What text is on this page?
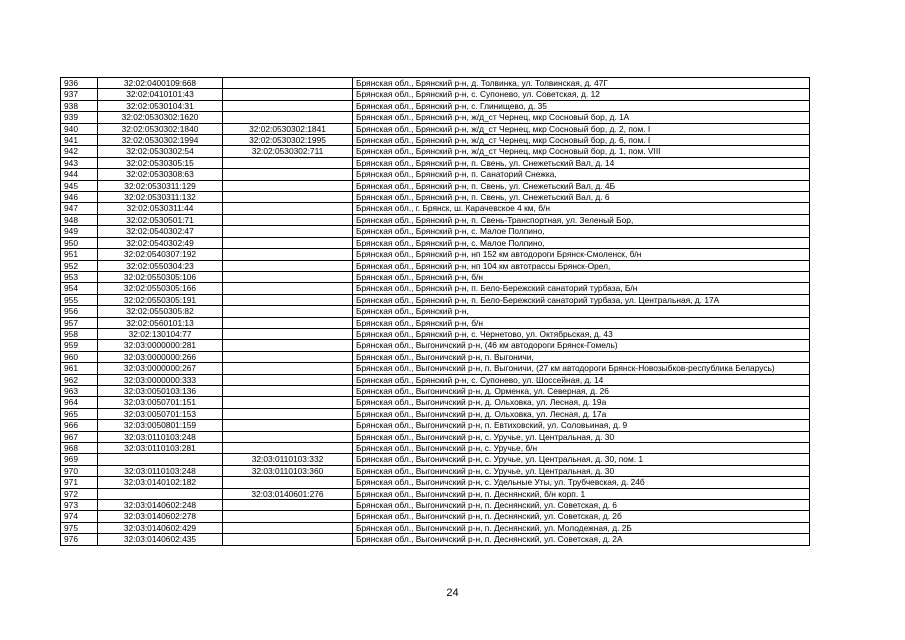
936	32:02:0400109:668		Брянская обл., Брянский р-н, д. Толвинка, ул. Толвинская, д. 47Г
937	32:02:0410101:43		Брянская обл., Брянский р-н, с. Супонево, ул. Советская, д. 12
938	32:02:0530104:31		Брянская обл., Брянский р-н, с. Глинищево, д. 35
939	32:02:0530302:1620		Брянская обл., Брянский р-н, ж/д_ст Чернец, мкр Сосновый бор, д. 1А
940	32:02:0530302:1840	32:02:0530302:1841	Брянская обл., Брянский р-н, ж/д_ст Чернец, мкр Сосновый бор, д. 2, пом. I
941	32:02:0530302:1994	32:02:0530302:1995	Брянская обл., Брянский р-н, ж/д_ст Чернец, мкр Сосновый бор, д. 6, пом. I
942	32:02:0530302:54	32:02:0530302:711	Брянская обл., Брянский р-н, ж/д_ст Чернец, мкр Сосновый бор, д. 1, пом. VIII
943	32:02:0530305:15		Брянская обл., Брянский р-н, п. Свень, ул. Снежетьский Вал, д. 14
944	32:02:0530308:63		Брянская обл., Брянский р-н, п. Санаторий Снежка,
945	32:02:0530311:129		Брянская обл., Брянский р-н, п. Свень, ул. Снежетьский Вал, д. 4Б
946	32:02:0530311:132		Брянская обл., Брянский р-н, п. Свень, ул. Снежетьский Вал, д. 6
947	32:02:0530311:44		Брянская обл., г. Брянск, ш. Карачевское 4 км, б/н
948	32:02:0530501:71		Брянская обл., Брянский р-н, п. Свень-Транспортная, ул. Зеленый Бор,
949	32:02:0540302:47		Брянская обл., Брянский р-н, с. Малое Полпино,
950	32:02:0540302:49		Брянская обл., Брянский р-н, с. Малое Полпино,
951	32:02:0540307:192		Брянская обл., Брянский р-н, нп 152 км автодороги Брянск-Смоленск, б/н
952	32:02:0550304:23		Брянская обл., Брянский р-н, нп 104 км автотрассы Брянск-Орел,
953	32:02:0550305:106		Брянская обл., Брянский р-н, б/н
954	32:02:0550305:166		Брянская обл., Брянский р-н, п. Бело-Бережский санаторий турбаза, Б/н
955	32:02:0550305:191		Брянская обл., Брянский р-н, п. Бело-Бережский санаторий турбаза, ул. Центральная, д. 17А
956	32:02:0550305:82		Брянская обл., Брянский р-н,
957	32:02:0560101:13		Брянская обл., Брянский р-н, б/н
958	32:02:130104:77		Брянская обл., Брянский р-н, с. Чернетово, ул. Октябрьская, д. 43
959	32:03:0000000:281		Брянская обл., Выгоничский р-н, (46 км автодороги Брянск-Гомель)
960	32:03:0000000:266		Брянская обл., Выгоничский р-н, п. Выгоничи,
961	32:03:0000000:267		Брянская обл., Выгоничский р-н, п. Выгоничи, (27 км автодороги Брянск-Новозыбков-республика Беларусь)
962	32:03:0000000:333		Брянская обл., Брянский р-н, с. Супонево, ул. Шоссейная, д. 14
963	32:03:0050103:136		Брянская обл., Выгоничский р-н, д. Орменка, ул. Северная, д. 26
964	32:03:0050701:151		Брянская обл., Выгоничский р-н, д. Ольховка, ул. Лесная, д. 19а
965	32:03:0050701:153		Брянская обл., Выгоничский р-н, д. Ольховка, ул. Лесная, д. 17а
966	32:03:0050801:159		Брянская обл., Выгоничский р-н, п. Евтиховский, ул. Соловьиная, д. 9
967	32:03:0110103:248		Брянская обл., Выгоничский р-н, с. Уручье, ул. Центральная, д. 30
968	32:03:0110103:281		Брянская обл., Выгоничский р-н, с. Уручье, б/н
969		32:03:0110103:332	Брянская обл., Выгоничский р-н, с. Уручье, ул. Центральная, д. 30, пом. 1
970	32:03:0110103:248	32:03:0110103:360	Брянская обл., Выгоничский р-н, с. Уручье, ул. Центральная, д. 30
971	32:03:0140102:182		Брянская обл., Выгоничский р-н, с. Удельные Уты, ул. Трубчевская, д. 24б
972		32:03:0140601:276	Брянская обл., Выгоничский р-н, п. Деснянский, б/н корп. 1
973	32:03:0140602:248		Брянская обл., Выгоничский р-н, п. Деснянский, ул. Советская, д. 6
974	32:03:0140602:278		Брянская обл., Выгоничский р-н, п. Деснянский, ул. Советская, д. 2б
975	32:03:0140602:429		Брянская обл., Выгоничский р-н, п. Деснянский, ул. Молодежная, д. 2Б
976	32:03:0140602:435		Брянская обл., Выгоничский р-н, п. Деснянский, ул. Советская, д. 2А
24
